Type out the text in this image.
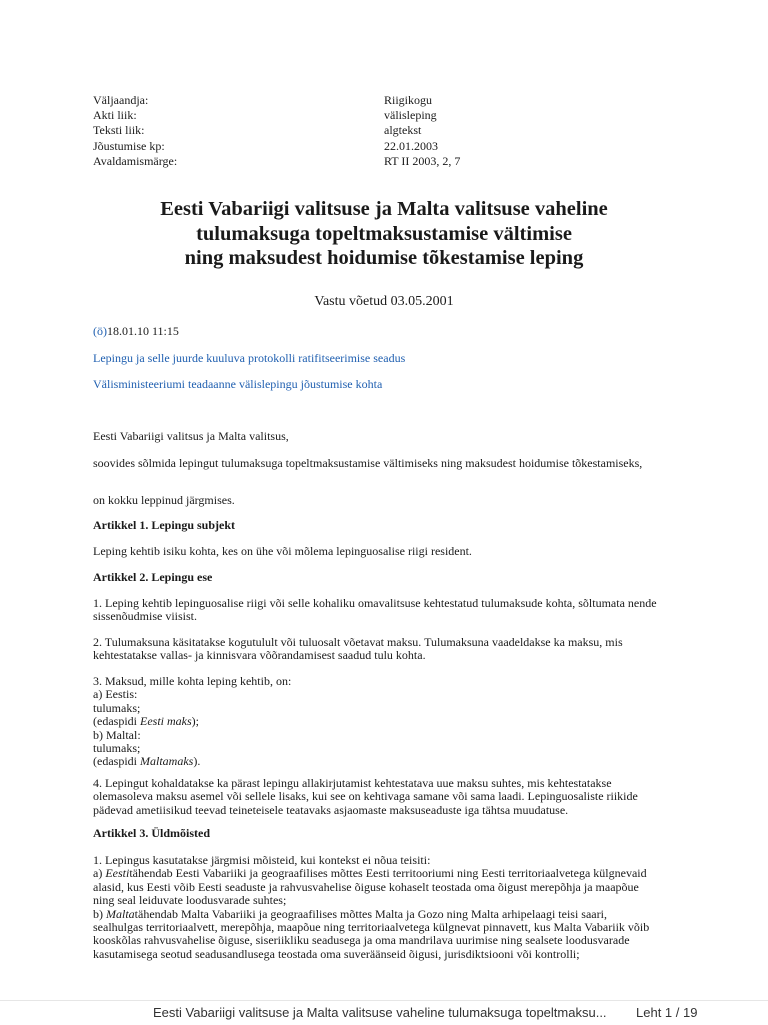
Väljaandja:	Riigikogu
Akti liik:	välisleping
Teksti liik:	algtekst
Jõustumise kp:	22.01.2003
Avaldamismärge:	RT II 2003, 2, 7
Eesti Vabariigi valitsuse ja Malta valitsuse vaheline
tulumaksuga topeltmaksustamise vältimise
ning maksudest hoidumise tõkestamise leping
Vastu võetud 03.05.2001
(ö)18.01.10 11:15
Lepingu ja selle juurde kuuluva protokolli ratifitseerimise seadus
Välisministeeriumi teadaanne välislepingu jõustumise kohta
Eesti Vabariigi valitsus ja Malta valitsus,
soovides sõlmida lepingut tulumaksuga topeltmaksustamise vältimiseks ning maksudest hoidumise tõkestamiseks,
on kokku leppinud järgmises.
Artikkel 1. Lepingu subjekt
Leping kehtib isiku kohta, kes on ühe või mõlema lepinguosalise riigi resident.
Artikkel 2. Lepingu ese
1. Leping kehtib lepinguosalise riigi või selle kohaliku omavalitsuse kehtestatud tulumaksude kohta, sõltumata nende sissenõudmise viisist.
2. Tulumaksuna käsitatakse kogutulult või tuluosalt võetavat maksu. Tulumaksuna vaadeldakse ka maksu, mis kehtestatakse vallas- ja kinnisvara võõrandamisest saadud tulu kohta.
3. Maksud, mille kohta leping kehtib, on:
a) Eestis:
tulumaks;
(edaspidi Eesti maks);
b) Maltal:
tulumaks;
(edaspidi Maltamaks).
4. Lepingut kohaldatakse ka pärast lepingu allakirjutamist kehtestatava uue maksu suhtes, mis kehtestatakse olemasoleva maksu asemel või sellele lisaks, kui see on kehtivaga samane või sama laadi. Lepinguosaliste riikide pädevad ametiisikud teevad teineteisele teatavaks asjaomaste maksuseaduste iga tähtsa muudatuse.
Artikkel 3. Üldmõisted
1. Lepingus kasutatakse järgmisi mõisteid, kui kontekst ei nõua teisiti:
a) Eestitähendab Eesti Vabariiki ja geograafilises mõttes Eesti territooriumi ning Eesti territoriaalvetega külgnevaid alasid, kus Eesti võib Eesti seaduste ja rahvusvahelise õiguse kohaselt teostada oma õigust merepõhja ja maapõue ning seal leiduvate loodusvarade suhtes;
b) Maltatähendab Malta Vabariiki ja geograafilises mõttes Malta ja Gozo ning Malta arhipelaagi teisi saari, sealhulgas territoriaalvett, merepõhja, maapõue ning territoriaalvetega külgnevat pinnavett, kus Malta Vabariik võib kooskõlas rahvusvahelise õiguse, siseriikliku seadusega ja oma mandrilava uurimise ning sealsete loodusvarade kasutamisega seotud seadusandlusega teostada oma suveräänseid õigusi, jurisdiktsiooni või kontrolli;
Eesti Vabariigi valitsuse ja Malta valitsuse vaheline tulumaksuga topeltmaksu... Leht 1 / 19
